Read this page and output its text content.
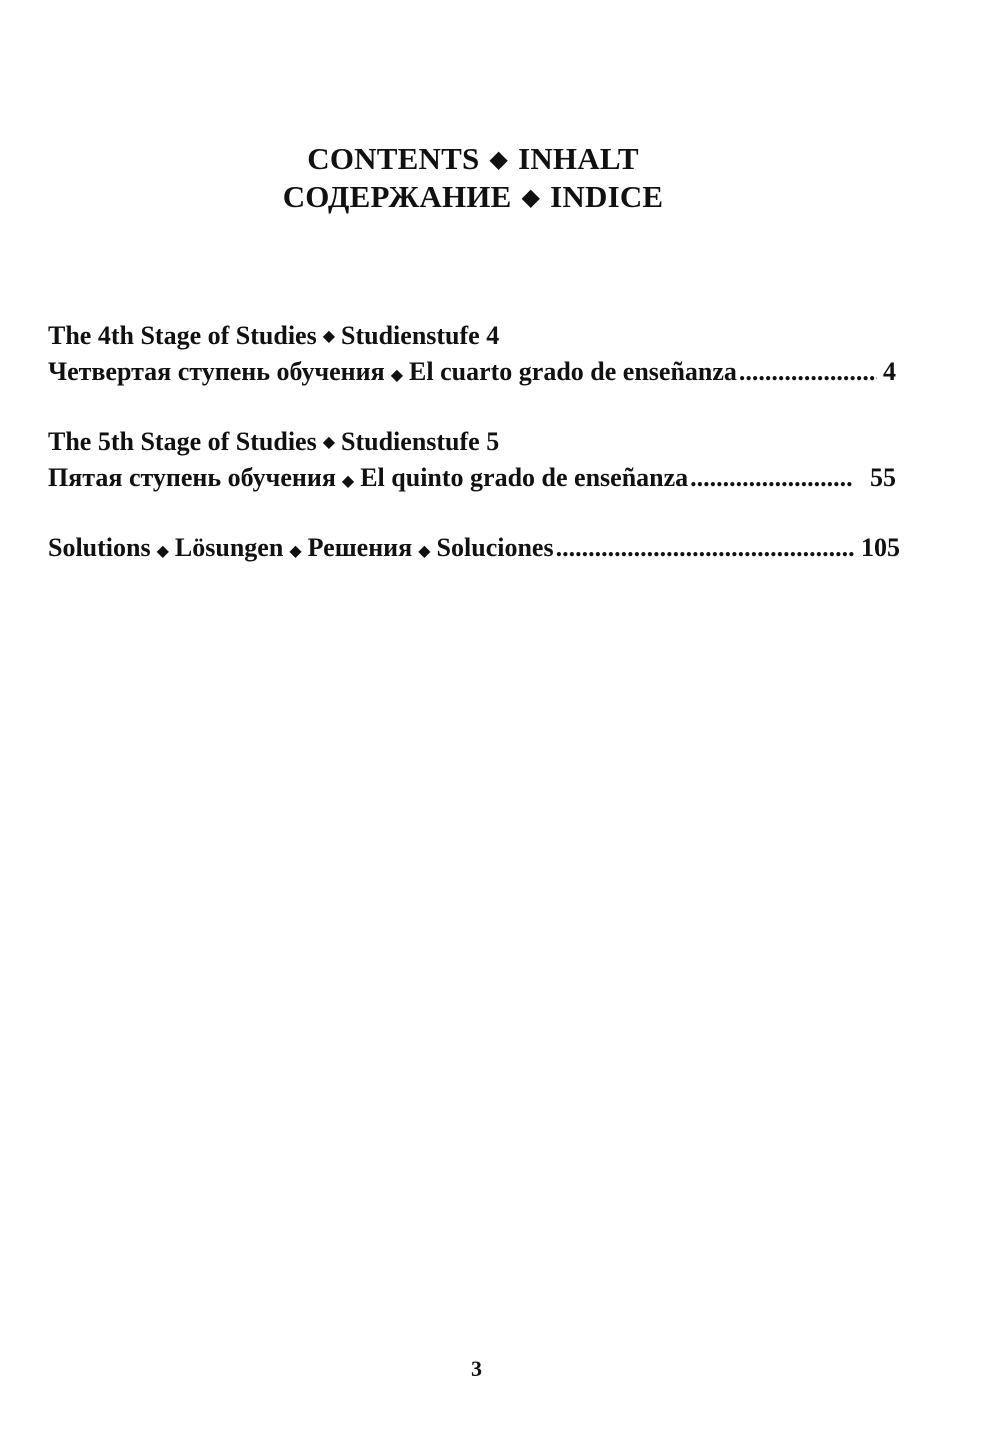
CONTENTS ◆ INHALT
СОДЕРЖАНИЕ ◆ INDICE
The 4th Stage of Studies ◆ Studienstufe 4
Четвертая ступень обучения ◆ El cuarto grado de enseñanza .....	4
The 5th Stage of Studies ◆ Studienstufe 5
Пятая ступень обучения ◆ El quinto grado de enseñanza .....	55
Solutions ◆ Lösungen ◆ Решения ◆ Soluciones .....	105
3
